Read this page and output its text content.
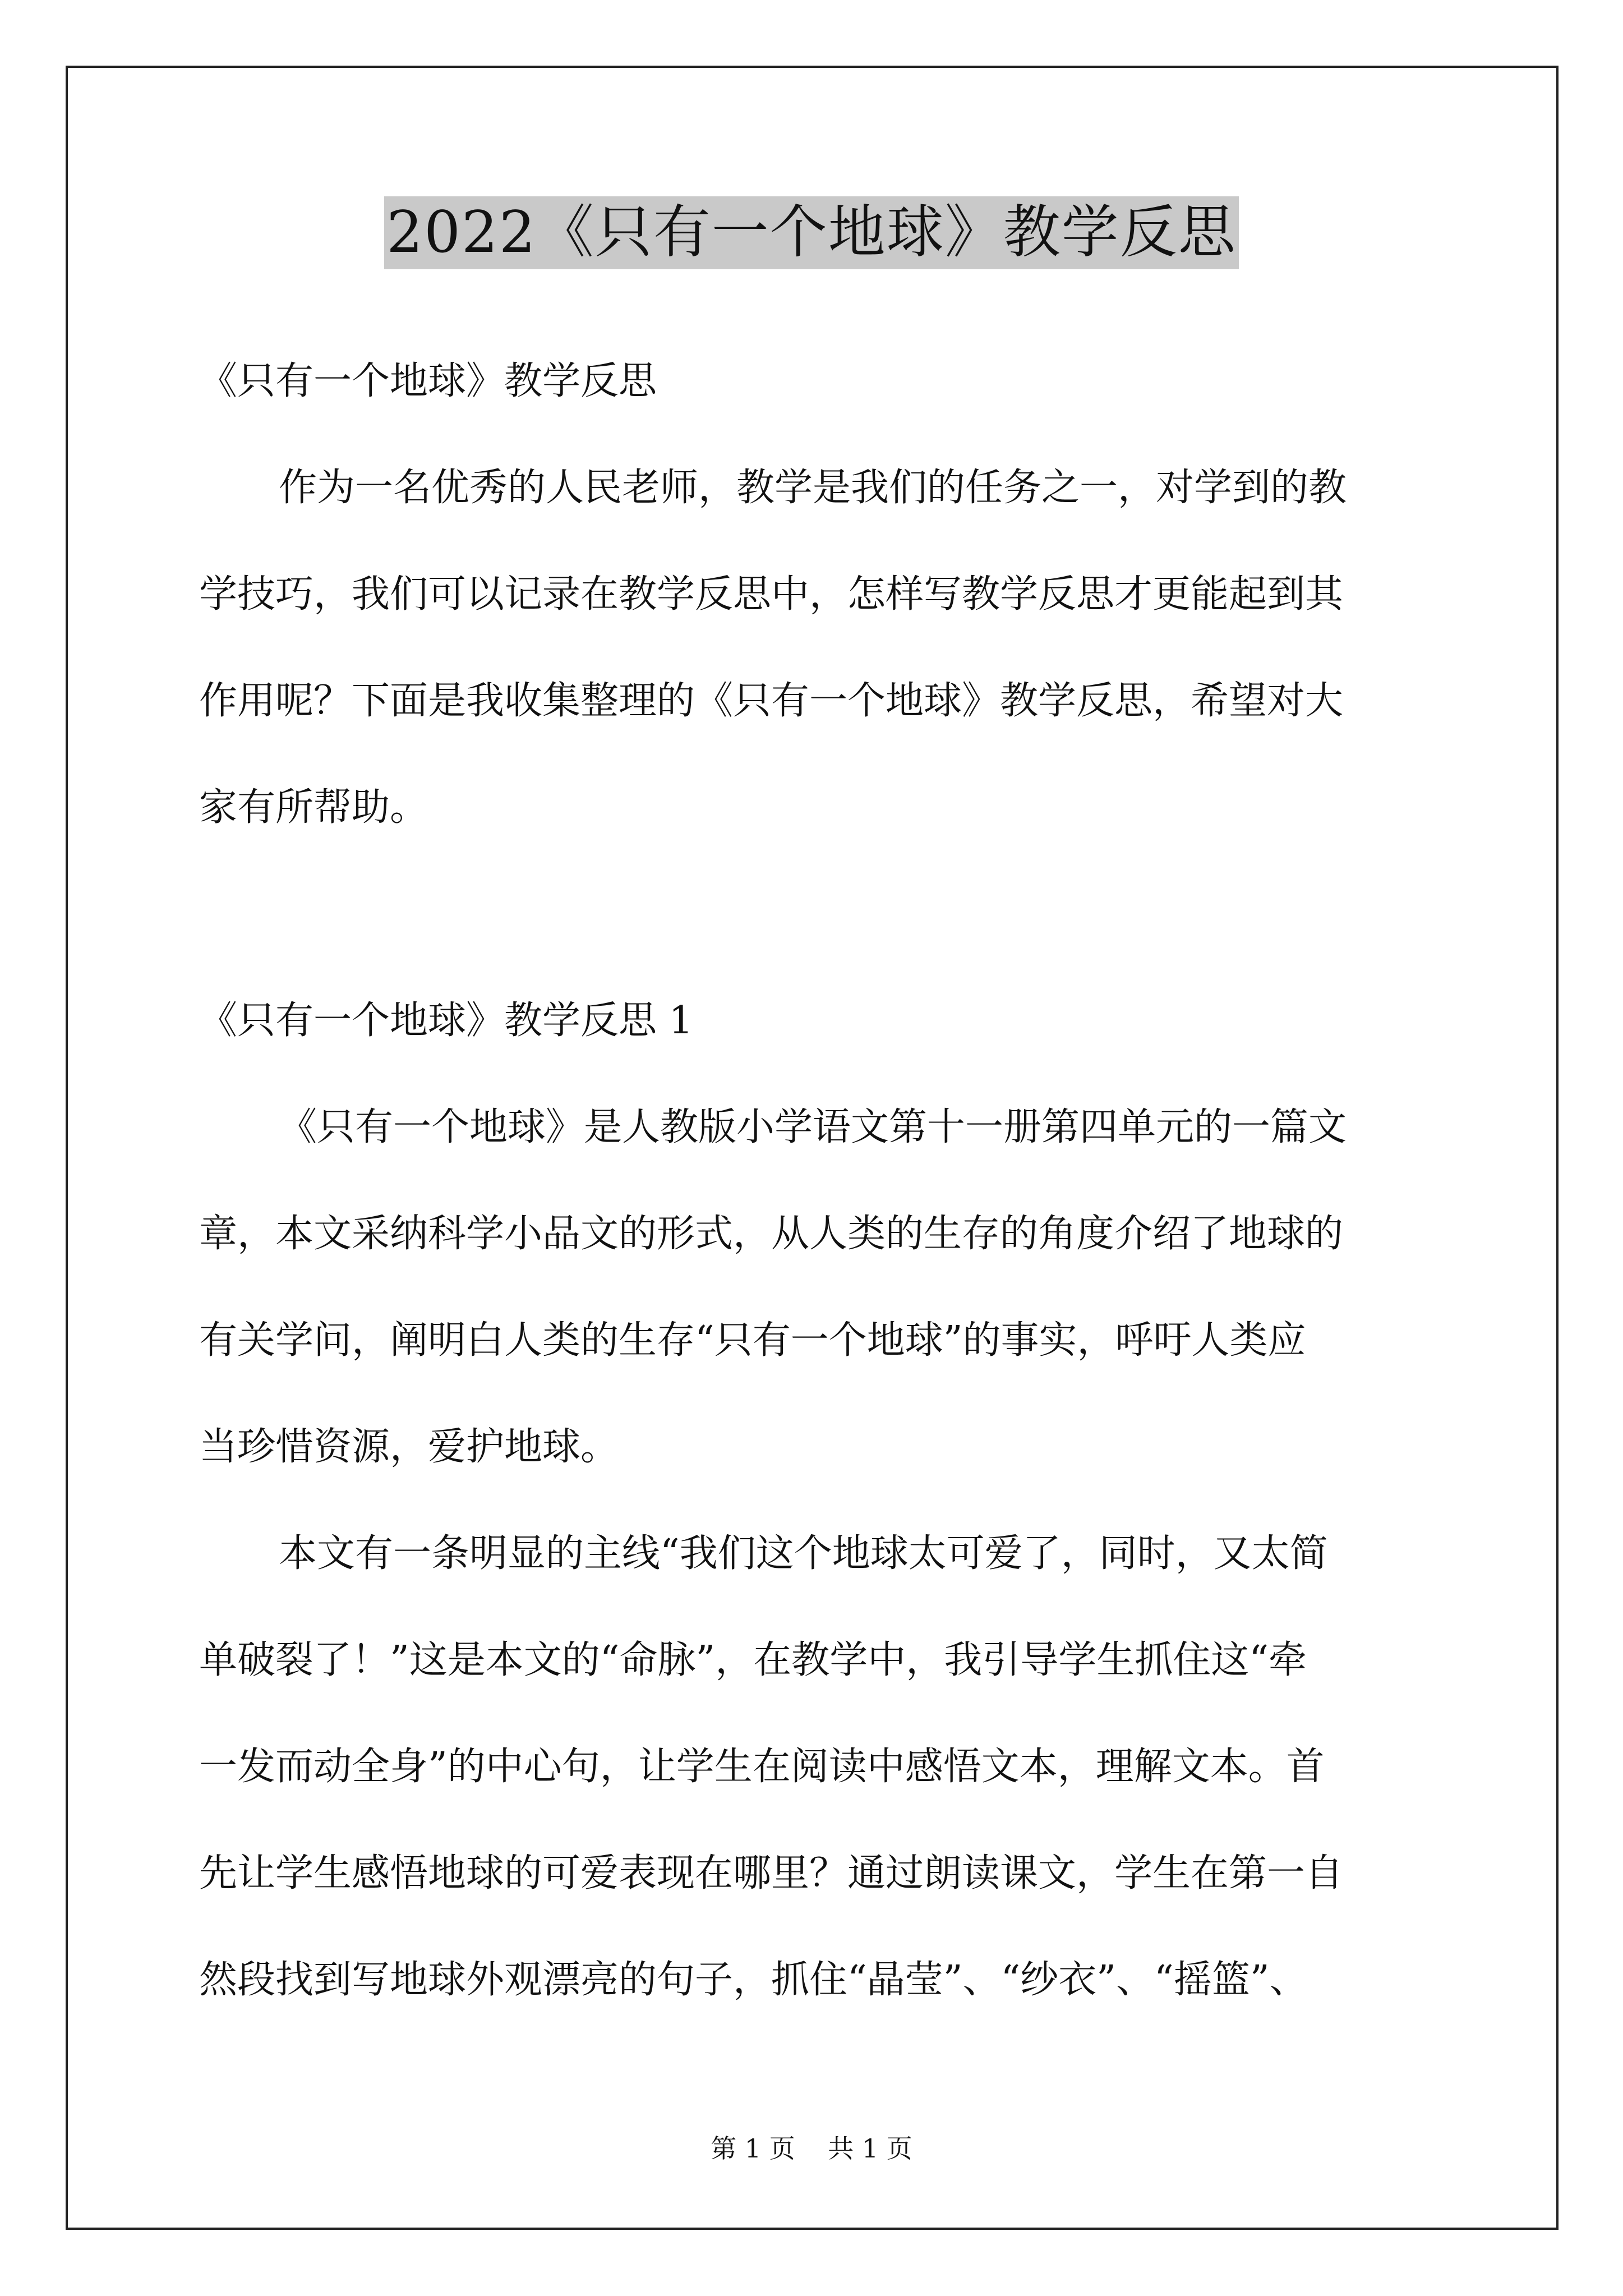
2022《只有一个地球》教学反思
《只有一个地球》教学反思
作为一名优秀的人民老师，教学是我们的任务之一，对学到的教
学技巧，我们可以记录在教学反思中，怎样写教学反思才更能起到其
作用呢？下面是我收集整理的《只有一个地球》教学反思，希望对大
家有所帮助。
《只有一个地球》教学反思 1
《只有一个地球》是人教版小学语文第十一册第四单元的一篇文
章，本文采纳科学小品文的形式，从人类的生存的角度介绍了地球的
有关学问，阐明白人类的生存“只有一个地球”的事实，呼吁人类应
当珍惜资源，爱护地球。
本文有一条明显的主线“我们这个地球太可爱了，同时，又太简
单破裂了！”这是本文的“命脉”，在教学中，我引导学生抓住这“牵
一发而动全身”的中心句，让学生在阅读中感悟文本，理解文本。首
先让学生感悟地球的可爱表现在哪里？通过朗读课文，学生在第一自
然段找到写地球外观漂亮的句子，抓住“晶莹”、“纱衣”、“摇篮”、
第 1 页 共 1 页
